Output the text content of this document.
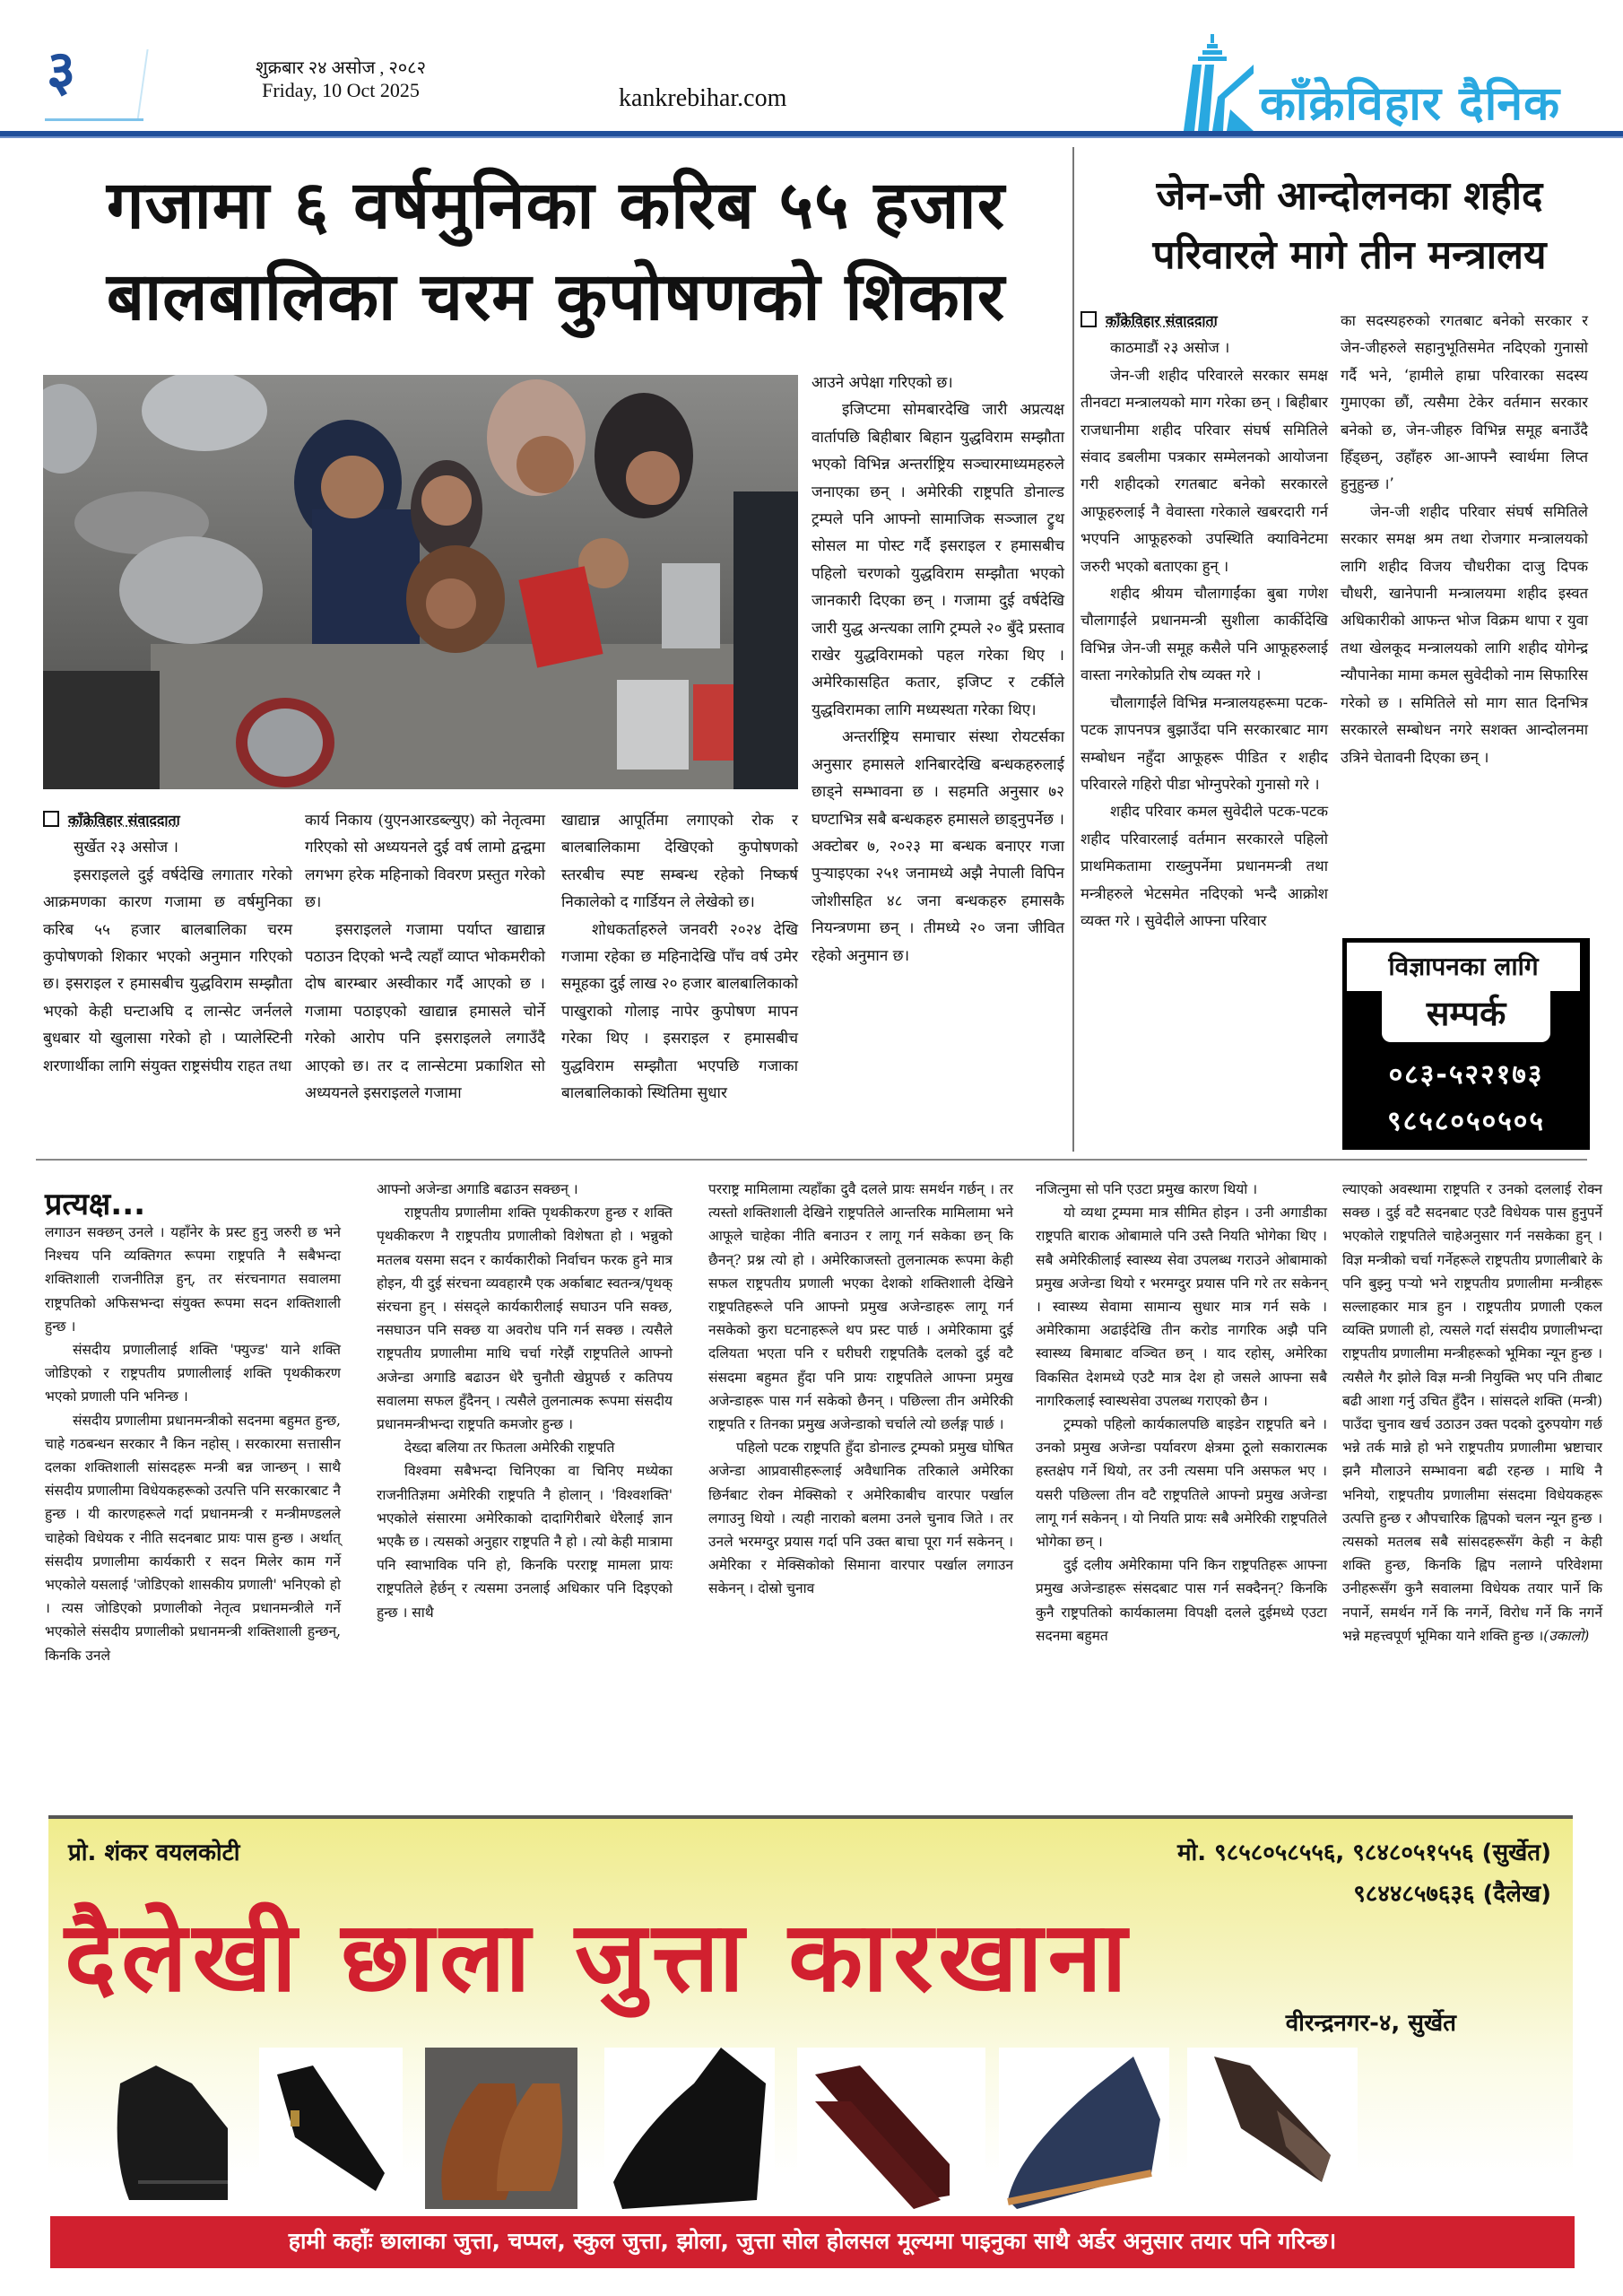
३	शुक्रबार २४ असोज , २०८२
Friday, 10 Oct 2025	kankrebihar.com	काँक्रेविहार दैनिक
गजामा ६ वर्षमुनिका करिब ५५ हजार
बालबालिका चरम कुपोषणको शिकार
काँक्रेविहार संवाददाता

सुर्खेत २३ असोज ।

इसराइलले दुई वर्षदेखि लगातार गरेको आक्रमणका कारण गजामा छ वर्षमुनिका करिब ५५ हजार बालबालिका चरम कुपोषणको शिकार भएको अनुमान गरिएको छ। इसराइल र हमासबीच युद्धविराम सम्झौता भएको केही घन्टाअघि द लान्सेट जर्नलले बुधबार यो खुलासा गरेको हो । प्यालेस्टिनी शरणार्थीका लागि संयुक्त राष्ट्रसंघीय राहत तथा

कार्य निकाय (युएनआरडब्ल्युए) को नेतृत्वमा गरिएको सो अध्ययनले दुई वर्ष लामो द्वन्द्वमा लगभग हरेक महिनाको विवरण प्रस्तुत गरेको छ।

इसराइलले गजामा पर्याप्त खाद्यान्न पठाउन दिएको भन्दै त्यहाँ व्याप्त भोकमरीको दोष बारम्बार अस्वीकार गर्दै आएको छ । गजामा पठाइएको खाद्यान्न हमासले चोर्ने गरेको आरोप पनि इसराइलले लगाउँदै आएको छ। तर द लान्सेटमा प्रकाशित सो अध्ययनले इसराइलले गजामा

खाद्यान्न आपूर्तिमा लगाएको रोक र बालबालिकामा देखिएको कुपोषणको स्तरबीच स्पष्ट सम्बन्ध रहेको निष्कर्ष निकालेको द गार्डियन ले लेखेको छ।

शोधकर्ताहरुले जनवरी २०२४ देखि गजामा रहेका छ महिनादेखि पाँच वर्ष उमेर समूहका दुई लाख २० हजार बालबालिकाको पाखुराको गोलाइ नापेर कुपोषण मापन गरेका थिए । इसराइल र हमासबीच युद्धविराम सम्झौता भएपछि गजाका बालबालिकाको स्थितिमा सुधार

आउने अपेक्षा गरिएको छ।

इजिप्टमा सोमबारदेखि जारी अप्रत्यक्ष वार्तापछि बिहीबार बिहान युद्धविराम सम्झौता भएको विभिन्न अन्तर्राष्ट्रिय सञ्चारमाध्यमहरुले जनाएका छन् । अमेरिकी राष्ट्रपति डोनाल्ड ट्रम्पले पनि आफ्नो सामाजिक सञ्जाल ट्रुथ सोसल मा पोस्ट गर्दै इसराइल र हमासबीच पहिलो चरणको युद्धविराम सम्झौता भएको जानकारी दिएका छन् । गजामा दुई वर्षदेखि जारी युद्ध अन्त्यका लागि ट्रम्पले २० बुँदे प्रस्ताव राखेर युद्धविरामको पहल गरेका थिए । अमेरिकासहित कतार, इजिप्ट र टर्कीले युद्धविरामका लागि मध्यस्थता गरेका थिए।

अन्तर्राष्ट्रिय समाचार संस्था रोयटर्सका अनुसार हमासले शनिबारदेखि बन्धकहरुलाई छाड्ने सम्भावना छ । सहमति अनुसार ७२ घण्टाभित्र सबै बन्धकहरु हमासले छाड्नुपर्नेछ । अक्टोबर ७, २०२३ मा बन्धक बनाएर गजा पुऱ्याइएका २५१ जनामध्ये अझै नेपाली विपिन जोशीसहित ४८ जना बन्धकहरु हमासकै नियन्त्रणमा छन् । तीमध्ये २० जना जीवित रहेको अनुमान छ।

जेन-जी आन्दोलनका शहीद
परिवारले मागे तीन मन्त्रालय
काँक्रेविहार संवाददाता

काठमाडौं २३ असोज ।

जेन-जी शहीद परिवारले सरकार समक्ष तीनवटा मन्त्रालयको माग गरेका छन् । बिहीबार राजधानीमा शहीद परिवार संघर्ष समितिले संवाद डबलीमा पत्रकार सम्मेलनको आयोजना गरी शहीदको रगतबाट बनेको सरकारले आफूहरुलाई नै वेवास्ता गरेकाले खबरदारी गर्न भएपनि आफूहरुको उपस्थिति क्याविनेटमा जरुरी भएको बताएका हुन् ।

शहीद श्रीयम चौलागाईंका बुबा गणेश चौलागाईंले प्रधानमन्त्री सुशीला कार्कीदेखि विभिन्न जेन-जी समूह कसैले पनि आफूहरुलाई वास्ता नगरेकोप्रति रोष व्यक्त गरे ।

चौलागाईंले विभिन्न मन्त्रालयहरूमा पटक-पटक ज्ञापनपत्र बुझाउँदा पनि सरकारबाट माग सम्बोधन नहुँदा आफूहरू पीडित र शहीद परिवारले गहिरो पीडा भोग्नुपरेको गुनासो गरे ।

शहीद परिवार कमल सुवेदीले पटक-पटक शहीद परिवारलाई वर्तमान सरकारले पहिलो प्राथमिकतामा राख्नुपर्नेमा प्रधानमन्त्री तथा मन्त्रीहरुले भेटसमेत नदिएको भन्दै आक्रोश व्यक्त गरे । सुवेदीले आफ्ना परिवार

का सदस्यहरुको रगतबाट बनेको सरकार र जेन-जीहरुले सहानुभूतिसमेत नदिएको गुनासो गर्दै भने, ‘हामीले हाम्रा परिवारका सदस्य गुमाएका छौं, त्यसैमा टेकेर वर्तमान सरकार बनेको छ, जेन-जीहरु विभिन्न समूह बनाउँदै हिँड्छन्, उहाँहरु आ-आफ्नै स्वार्थमा लिप्त हुनुहुन्छ ।’

जेन-जी शहीद परिवार संघर्ष समितिले सरकार समक्ष श्रम तथा रोजगार मन्त्रालयको लागि शहीद विजय चौधरीका दाजु दिपक चौधरी, खानेपानी मन्त्रालयमा शहीद इस्वत अधिकारीको आफन्त भोज विक्रम थापा र युवा तथा खेलकूद मन्त्रालयको लागि शहीद योगेन्द्र न्यौपानेका मामा कमल सुवेदीको नाम सिफारिस गरेको छ । समितिले सो माग सात दिनभित्र सरकारले सम्बोधन नगरे सशक्त आन्दोलनमा उत्रिने चेतावनी दिएका छन् ।

विज्ञापनका लागि
सम्पर्क
०८३-५२२१७३
९८५८०५०५०५
प्रत्यक्ष...

लगाउन सक्छन् उनले । यहाँनेर के प्रस्ट हुनु जरुरी छ भने निश्चय पनि व्यक्तिगत रूपमा राष्ट्रपति नै सबैभन्दा शक्तिशाली राजनीतिज्ञ हुन्, तर संरचनागत सवालमा राष्ट्रपतिको अफिसभन्दा संयुक्त रूपमा सदन शक्तिशाली हुन्छ ।

संसदीय प्रणालीलाई शक्ति 'फ्युज्ड' याने शक्ति जोडिएको र राष्ट्रपतीय प्रणालीलाई शक्ति पृथकीकरण भएको प्रणाली पनि भनिन्छ ।

संसदीय प्रणालीमा प्रधानमन्त्रीको सदनमा बहुमत हुन्छ, चाहे गठबन्धन सरकार नै किन नहोस् । सरकारमा सत्तासीन दलका शक्तिशाली सांसदहरू मन्त्री बन्न जान्छन् । साथै संसदीय प्रणालीमा विधेयकहरूको उत्पत्ति पनि सरकारबाट नै हुन्छ । यी कारणहरूले गर्दा प्रधानमन्त्री र मन्त्रीमण्डलले चाहेको विधेयक र नीति सदनबाट प्रायः पास हुन्छ । अर्थात् संसदीय प्रणालीमा कार्यकारी र सदन मिलेर काम गर्ने भएकोले यसलाई 'जोडिएको शासकीय प्रणाली' भनिएको हो । त्यस जोडिएको प्रणालीको नेतृत्व प्रधानमन्त्रीले गर्ने भएकोले संसदीय प्रणालीको प्रधानमन्त्री शक्तिशाली हुन्छन्, किनकि उनले

आफ्नो अजेन्डा अगाडि बढाउन सक्छन् ।

राष्ट्रपतीय प्रणालीमा शक्ति पृथकीकरण हुन्छ र शक्ति पृथकीकरण नै राष्ट्रपतीय प्रणालीको विशेषता हो । भन्नुको मतलब यसमा सदन र कार्यकारीको निर्वाचन फरक हुने मात्र होइन, यी दुई संरचना व्यवहारमै एक अर्काबाट स्वतन्त्र/पृथक् संरचना हुन् । संसद्ले कार्यकारीलाई सघाउन पनि सक्छ, नसघाउन पनि सक्छ या अवरोध पनि गर्न सक्छ । त्यसैले राष्ट्रपतीय प्रणालीमा माथि चर्चा गरेझैं राष्ट्रपतिले आफ्नो अजेन्डा अगाडि बढाउन धेरै चुनौती खेप्नुपर्छ र कतिपय सवालमा सफल हुँदैनन् । त्यसैले तुलनात्मक रूपमा संसदीय प्रधानमन्त्रीभन्दा राष्ट्रपति कमजोर हुन्छ ।

देख्दा बलिया तर फितला अमेरिकी राष्ट्रपति

विश्वमा सबैभन्दा चिनिएका वा चिनिए मध्येका राजनीतिज्ञमा अमेरिकी राष्ट्रपति नै होलान् । 'विश्वशक्ति' भएकोले संसारमा अमेरिकाको दादागिरीबारे धेरैलाई ज्ञान भएकै छ । त्यसको अनुहार राष्ट्रपति नै हो । त्यो केही मात्रामा पनि स्वाभाविक पनि हो, किनकि परराष्ट्र मामला प्रायः राष्ट्रपतिले हेर्छन् र त्यसमा उनलाई अधिकार पनि दिइएको हुन्छ । साथै

परराष्ट्र मामिलामा त्यहाँका दुवै दलले प्रायः समर्थन गर्छन् । तर त्यस्तो शक्तिशाली देखिने राष्ट्रपतिले आन्तरिक मामिलामा भने आफूले चाहेका नीति बनाउन र लागू गर्न सकेका छन् कि छैनन्? प्रश्न त्यो हो । अमेरिकाजस्तो तुलनात्मक रूपमा केही सफल राष्ट्रपतीय प्रणाली भएका देशको शक्तिशाली देखिने राष्ट्रपतिहरूले पनि आफ्नो प्रमुख अजेन्डाहरू लागू गर्न नसकेको कुरा घटनाहरूले थप प्रस्ट पार्छ । अमेरिकामा दुई दलियता भएता पनि र घरीघरी राष्ट्रपतिकै दलको दुई वटै संसदमा बहुमत हुँदा पनि प्रायः राष्ट्रपतिले आफ्ना प्रमुख अजेन्डाहरू पास गर्न सकेको छैनन् । पछिल्ला तीन अमेरिकी राष्ट्रपति र तिनका प्रमुख अजेन्डाको चर्चाले त्यो छर्लङ्ग पार्छ ।

पहिलो पटक राष्ट्रपति हुँदा डोनाल्ड ट्रम्पको प्रमुख घोषित अजेन्डा आप्रवासीहरूलाई अवैधानिक तरिकाले अमेरिका छिर्नबाट रोक्न मेक्सिको र अमेरिकाबीच वारपार पर्खाल लगाउनु थियो । त्यही नाराको बलमा उनले चुनाव जिते । तर उनले भरमग्दुर प्रयास गर्दा पनि उक्त बाचा पूरा गर्न सकेनन् । अमेरिका र मेक्सिकोको सिमाना वारपार पर्खाल लगाउन सकेनन् । दोस्रो चुनाव

नजित्नुमा सो पनि एउटा प्रमुख कारण थियो ।

यो व्यथा ट्रम्पमा मात्र सीमित होइन । उनी अगाडीका राष्ट्रपति बाराक ओबामाले पनि उस्तै नियति भोगेका थिए । सबै अमेरिकीलाई स्वास्थ्य सेवा उपलब्ध गराउने ओबामाको प्रमुख अजेन्डा थियो र भरमग्दुर प्रयास पनि गरे तर सकेनन् । स्वास्थ्य सेवामा सामान्य सुधार मात्र गर्न सके । अमेरिकामा अढाईदेखि तीन करोड नागरिक अझै पनि स्वास्थ्य बिमाबाट वञ्चित छन् । याद रहोस्, अमेरिका विकसित देशमध्ये एउटै मात्र देश हो जसले आफ्ना सबै नागरिकलाई स्वास्थसेवा उपलब्ध गराएको छैन ।

ट्रम्पको पहिलो कार्यकालपछि बाइडेन राष्ट्रपति बने । उनको प्रमुख अजेन्डा पर्यावरण क्षेत्रमा ठूलो सकारात्मक हस्तक्षेप गर्ने थियो, तर उनी त्यसमा पनि असफल भए । यसरी पछिल्ला तीन वटै राष्ट्रपतिले आफ्नो प्रमुख अजेन्डा लागू गर्न सकेनन् । यो नियति प्रायः सबै अमेरिकी राष्ट्रपतिले भोगेका छन् ।

दुई दलीय अमेरिकामा पनि किन राष्ट्रपतिहरू आफ्ना प्रमुख अजेन्डाहरू संसदबाट पास गर्न सक्दैनन्? किनकि कुनै राष्ट्रपतिको कार्यकालमा विपक्षी दलले दुईमध्ये एउटा सदनमा बहुमत

ल्याएको अवस्थामा राष्ट्रपति र उनको दललाई रोक्न सक्छ । दुई वटै सदनबाट एउटै विधेयक पास हुनुपर्ने भएकोले राष्ट्रपतिले चाहेअनुसार गर्न नसकेका हुन् । विज्ञ मन्त्रीको चर्चा गर्नेहरूले राष्ट्रपतीय प्रणालीबारे के पनि बुझ्नु पर्‍यो भने राष्ट्रपतीय प्रणालीमा मन्त्रीहरू सल्लाहकार मात्र हुन । राष्ट्रपतीय प्रणाली एकल व्यक्ति प्रणाली हो, त्यसले गर्दा संसदीय प्रणालीभन्दा राष्ट्रपतीय प्रणालीमा मन्त्रीहरूको भूमिका न्यून हुन्छ । त्यसैले गैर झोले विज्ञ मन्त्री नियुक्ति भए पनि तीबाट बढी आशा गर्नु उचित हुँदैन । सांसदले शक्ति (मन्त्री) पाउँदा चुनाव खर्च उठाउन उक्त पदको दुरुपयोग गर्छ भन्ने तर्क मान्ने हो भने राष्ट्रपतीय प्रणालीमा भ्रष्टाचार झनै मौलाउने सम्भावना बढी रहन्छ । माथि नै भनियो, राष्ट्रपतीय प्रणालीमा संसदमा विधेयकहरू उत्पत्ति हुन्छ र औपचारिक ह्विपको चलन न्यून हुन्छ । त्यसको मतलब सबै सांसदहरूसँग केही न केही शक्ति हुन्छ, किनकि ह्विप नलाग्ने परिवेशमा उनीहरूसँग कुनै सवालमा विधेयक तयार पार्ने कि नपार्ने, समर्थन गर्ने कि नगर्ने, विरोध गर्ने कि नगर्ने भन्ने महत्त्वपूर्ण भूमिका याने शक्ति हुन्छ ।(उकालो)

प्रो. शंकर वयलकोटी	मो. ९८५८०५८५५६, ९८४८०५१५५६ (सुर्खेत)
९८४४८५७६३६ (दैलेख)
दैलेखी छाला जुत्ता कारखाना
वीरन्द्रनगर-४, सुर्खेत
हामी कहाँः छालाका जुत्ता, चप्पल, स्कुल जुत्ता, झोला, जुत्ता सोल होलसल मूल्यमा पाइनुका साथै अर्डर अनुसार तयार पनि गरिन्छ।
